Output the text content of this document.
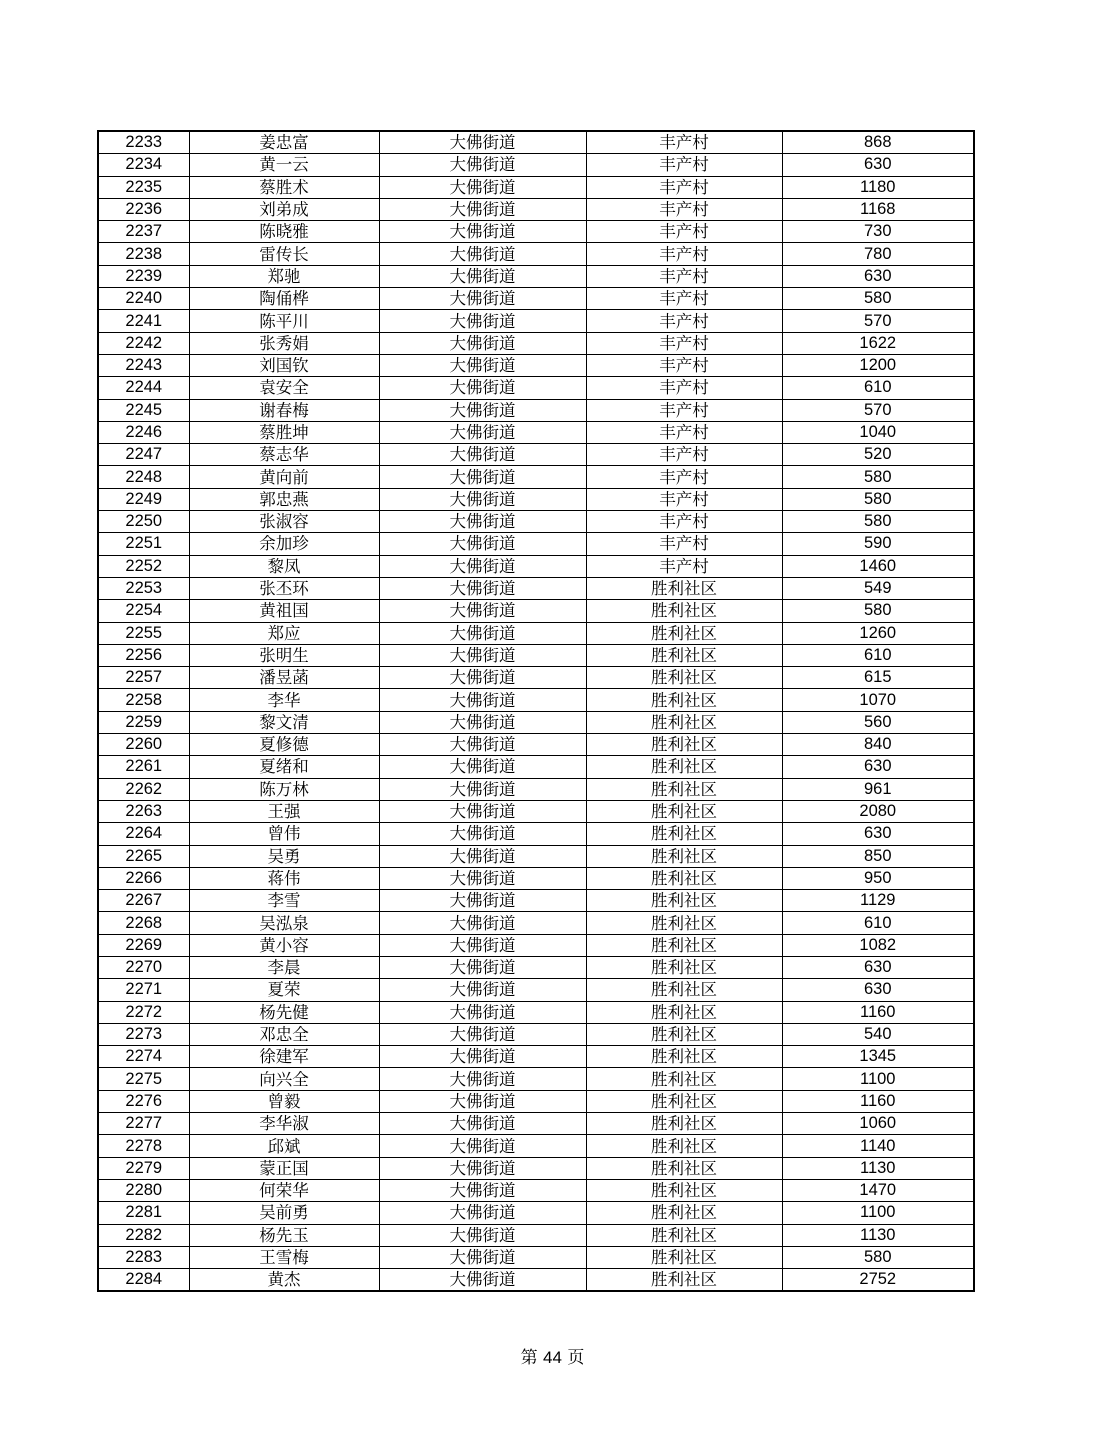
2233	姜忠富	大佛街道	丰产村	868
2234	黄一云	大佛街道	丰产村	630
2235	蔡胜术	大佛街道	丰产村	1180
2236	刘弟成	大佛街道	丰产村	1168
2237	陈晓雅	大佛街道	丰产村	730
2238	雷传长	大佛街道	丰产村	780
2239	郑驰	大佛街道	丰产村	630
2240	陶俑桦	大佛街道	丰产村	580
2241	陈平川	大佛街道	丰产村	570
2242	张秀娟	大佛街道	丰产村	1622
2243	刘国钦	大佛街道	丰产村	1200
2244	袁安全	大佛街道	丰产村	610
2245	谢春梅	大佛街道	丰产村	570
2246	蔡胜坤	大佛街道	丰产村	1040
2247	蔡志华	大佛街道	丰产村	520
2248	黄向前	大佛街道	丰产村	580
2249	郭忠燕	大佛街道	丰产村	580
2250	张淑容	大佛街道	丰产村	580
2251	余加珍	大佛街道	丰产村	590
2252	黎凤	大佛街道	丰产村	1460
2253	张丕环	大佛街道	胜利社区	549
2254	黄祖国	大佛街道	胜利社区	580
2255	郑应	大佛街道	胜利社区	1260
2256	张明生	大佛街道	胜利社区	610
2257	潘昱菡	大佛街道	胜利社区	615
2258	李华	大佛街道	胜利社区	1070
2259	黎文清	大佛街道	胜利社区	560
2260	夏修德	大佛街道	胜利社区	840
2261	夏绪和	大佛街道	胜利社区	630
2262	陈万林	大佛街道	胜利社区	961
2263	王强	大佛街道	胜利社区	2080
2264	曾伟	大佛街道	胜利社区	630
2265	吴勇	大佛街道	胜利社区	850
2266	蒋伟	大佛街道	胜利社区	950
2267	李雪	大佛街道	胜利社区	1129
2268	吴泓泉	大佛街道	胜利社区	610
2269	黄小容	大佛街道	胜利社区	1082
2270	李晨	大佛街道	胜利社区	630
2271	夏荣	大佛街道	胜利社区	630
2272	杨先健	大佛街道	胜利社区	1160
2273	邓忠全	大佛街道	胜利社区	540
2274	徐建军	大佛街道	胜利社区	1345
2275	向兴全	大佛街道	胜利社区	1100
2276	曾毅	大佛街道	胜利社区	1160
2277	李华淑	大佛街道	胜利社区	1060
2278	邱斌	大佛街道	胜利社区	1140
2279	蒙正国	大佛街道	胜利社区	1130
2280	何荣华	大佛街道	胜利社区	1470
2281	吴前勇	大佛街道	胜利社区	1100
2282	杨先玉	大佛街道	胜利社区	1130
2283	王雪梅	大佛街道	胜利社区	580
2284	黄杰	大佛街道	胜利社区	2752
第 44 页
